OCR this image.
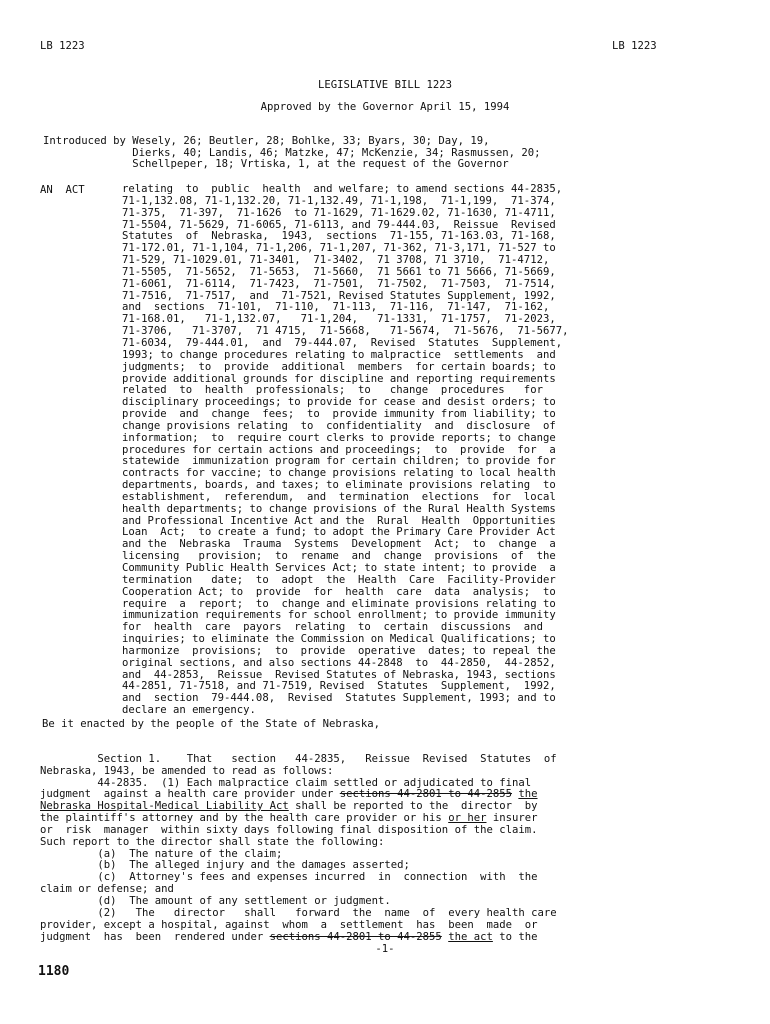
LB 1223	LB 1223
LEGISLATIVE BILL 1223
Approved by the Governor April 15, 1994

Introduced by Wesely, 26; Beutler, 28; Bohlke, 33; Byars, 30; Day, 19,
Dierks, 40; Landis, 46; Matzke, 47; McKenzie, 34; Rasmussen, 20;
Schellpeper, 18; Vrtiska, 1, at the request of the Governor

AN  ACT	relating  to  public  health  and welfare; to amend sections 44-2835,
71-1,132.08, 71-1,132.20, 71-1,132.49, 71-1,198,  71-1,199,  71-374,
71-375,  71-397,  71-1626  to 71-1629, 71-1629.02, 71-1630, 71-4711,
71-5504, 71-5629, 71-6065, 71-6113, and 79-444.03,  Reissue  Revised
Statutes  of  Nebraska,  1943,  sections  71-155, 71-163.03, 71-168,
71-172.01, 71-1,104, 71-1,206, 71-1,207, 71-362, 71-3,171, 71-527 to
71-529, 71-1029.01, 71-3401,  71-3402,  71 3708, 71 3710,  71-4712,
71-5505,  71-5652,  71-5653,  71-5660,  71 5661 to 71 5666, 71-5669,
71-6061,  71-6114,  71-7423,  71-7501,  71-7502,  71-7503,  71-7514,
71-7516,  71-7517,  and  71-7521, Revised Statutes Supplement, 1992,
and  sections  71-101,  71-110,  71-113,  71-116,  71-147,  71-162,
71-168.01,   71-1,132.07,   71-1,204,   71-1331,  71-1757,  71-2023,
71-3706,   71-3707,  71 4715,  71-5668,   71-5674,  71-5676,  71-5677,
71-6034,  79-444.01,  and  79-444.07,  Revised  Statutes  Supplement,
1993; to change procedures relating to malpractice  settlements  and
judgments;  to  provide  additional  members  for certain boards; to
provide additional grounds for discipline and reporting requirements
related  to  health  professionals;  to   change  procedures   for
disciplinary proceedings; to provide for cease and desist orders; to
provide  and  change  fees;  to  provide immunity from liability; to
change provisions relating  to  confidentiality  and  disclosure  of
information;  to  require court clerks to provide reports; to change
procedures for certain actions and proceedings;  to  provide  for  a
statewide  immunization program for certain children; to provide for
contracts for vaccine; to change provisions relating to local health
departments, boards, and taxes; to eliminate provisions relating  to
establishment,  referendum,  and  termination  elections  for  local
health departments; to change provisions of the Rural Health Systems
and Professional Incentive Act and the  Rural  Health  Opportunities
Loan  Act;  to create a fund; to adopt the Primary Care Provider Act
and the  Nebraska  Trauma  Systems  Development  Act;  to  change  a
licensing   provision;  to  rename  and  change  provisions  of  the
Community Public Health Services Act; to state intent; to provide  a
termination   date;  to  adopt  the  Health  Care  Facility-Provider
Cooperation Act; to  provide  for  health  care  data  analysis;  to
require  a  report;  to  change and eliminate provisions relating to
immunization requirements for school enrollment; to provide immunity
for  health  care  payors  relating  to  certain  discussions  and
inquiries; to eliminate the Commission on Medical Qualifications; to
harmonize  provisions;  to  provide  operative  dates; to repeal the
original sections, and also sections 44-2848  to  44-2850,  44-2852,
and  44-2853,  Reissue  Revised Statutes of Nebraska, 1943, sections
44-2851, 71-7518, and 71-7519, Revised  Statutes  Supplement,  1992,
and  section  79-444.08,  Revised  Statutes Supplement, 1993; and to
declare an emergency.
Be it enacted by the people of the State of Nebraska,

Section 1.    That   section   44-2835,   Reissue  Revised  Statutes  of
Nebraska, 1943, be amended to read as follows:
44-2835.  (1) Each malpractice claim settled or adjudicated to final
judgment  against a health care provider under sections 44-2801 to 44-2855 the
Nebraska Hospital-Medical Liability Act shall be reported to the  director  by
the plaintiff's attorney and by the health care provider or his or her insurer
or  risk  manager  within sixty days following final disposition of the claim.
Such report to the director shall state the following:
(a)  The nature of the claim;
(b)  The alleged injury and the damages asserted;
(c)  Attorney's fees and expenses incurred  in  connection  with  the
claim or defense; and
(d)  The amount of any settlement or judgment.
(2)   The   director   shall   forward  the  name  of  every health care
provider, except a hospital, against  whom  a  settlement  has  been  made  or
judgment  has  been  rendered under sections 44-2801 to 44-2855 the act to the

-1-
1180
